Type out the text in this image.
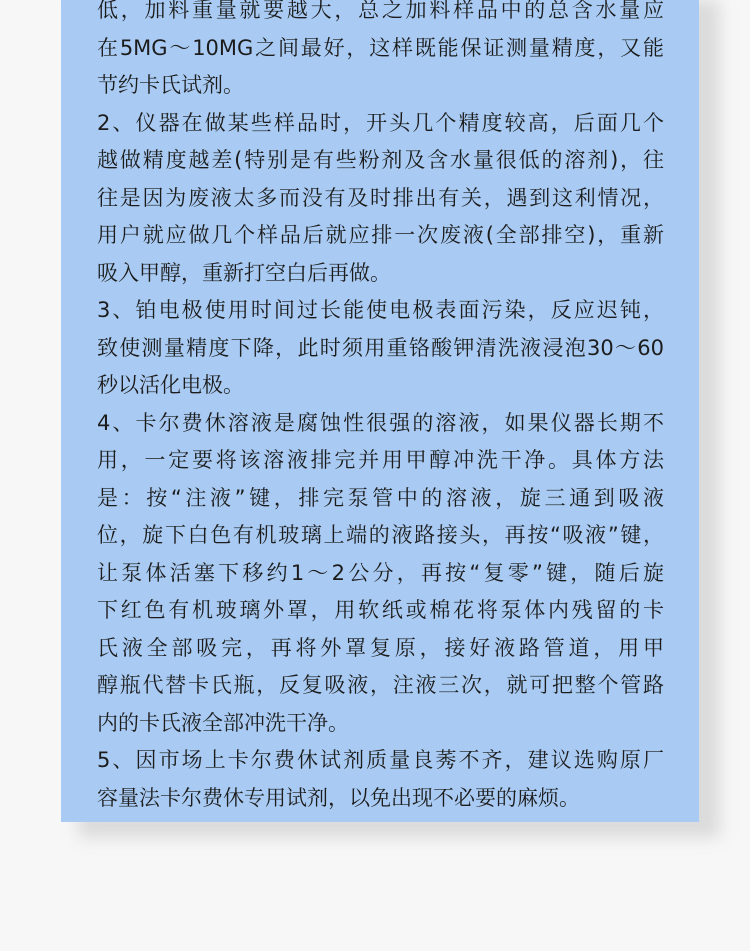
低，加料重量就要越大，总之加料样品中的总含水量应
在5MG～10MG之间最好，这样既能保证测量精度，又能
节约卡氏试剂。
2、仪器在做某些样品时，开头几个精度较高，后面几个
越做精度越差(特别是有些粉剂及含水量很低的溶剂)，往
往是因为废液太多而没有及时排出有关，遇到这利情况，
用户就应做几个样品后就应排一次废液(全部排空)，重新
吸入甲醇，重新打空白后再做。
3、铂电极使用时间过长能使电极表面污染，反应迟钝，
致使测量精度下降，此时须用重铬酸钾清洗液浸泡30～60
秒以活化电极。
4、卡尔费休溶液是腐蚀性很强的溶液，如果仪器长期不
用，一定要将该溶液排完并用甲醇冲洗干净。具体方法
是：按“注液”键，排完泵管中的溶液，旋三通到吸液
位，旋下白色有机玻璃上端的液路接头，再按“吸液”键，
让泵体活塞下移约1～2公分，再按“复零”键，随后旋
下红色有机玻璃外罩，用软纸或棉花将泵体内残留的卡
氏液全部吸完，再将外罩复原，接好液路管道，用甲
醇瓶代替卡氏瓶，反复吸液，注液三次，就可把整个管路
内的卡氏液全部冲洗干净。
5、因市场上卡尔费休试剂质量良莠不齐，建议选购原厂
容量法卡尔费休专用试剂，以免出现不必要的麻烦。
